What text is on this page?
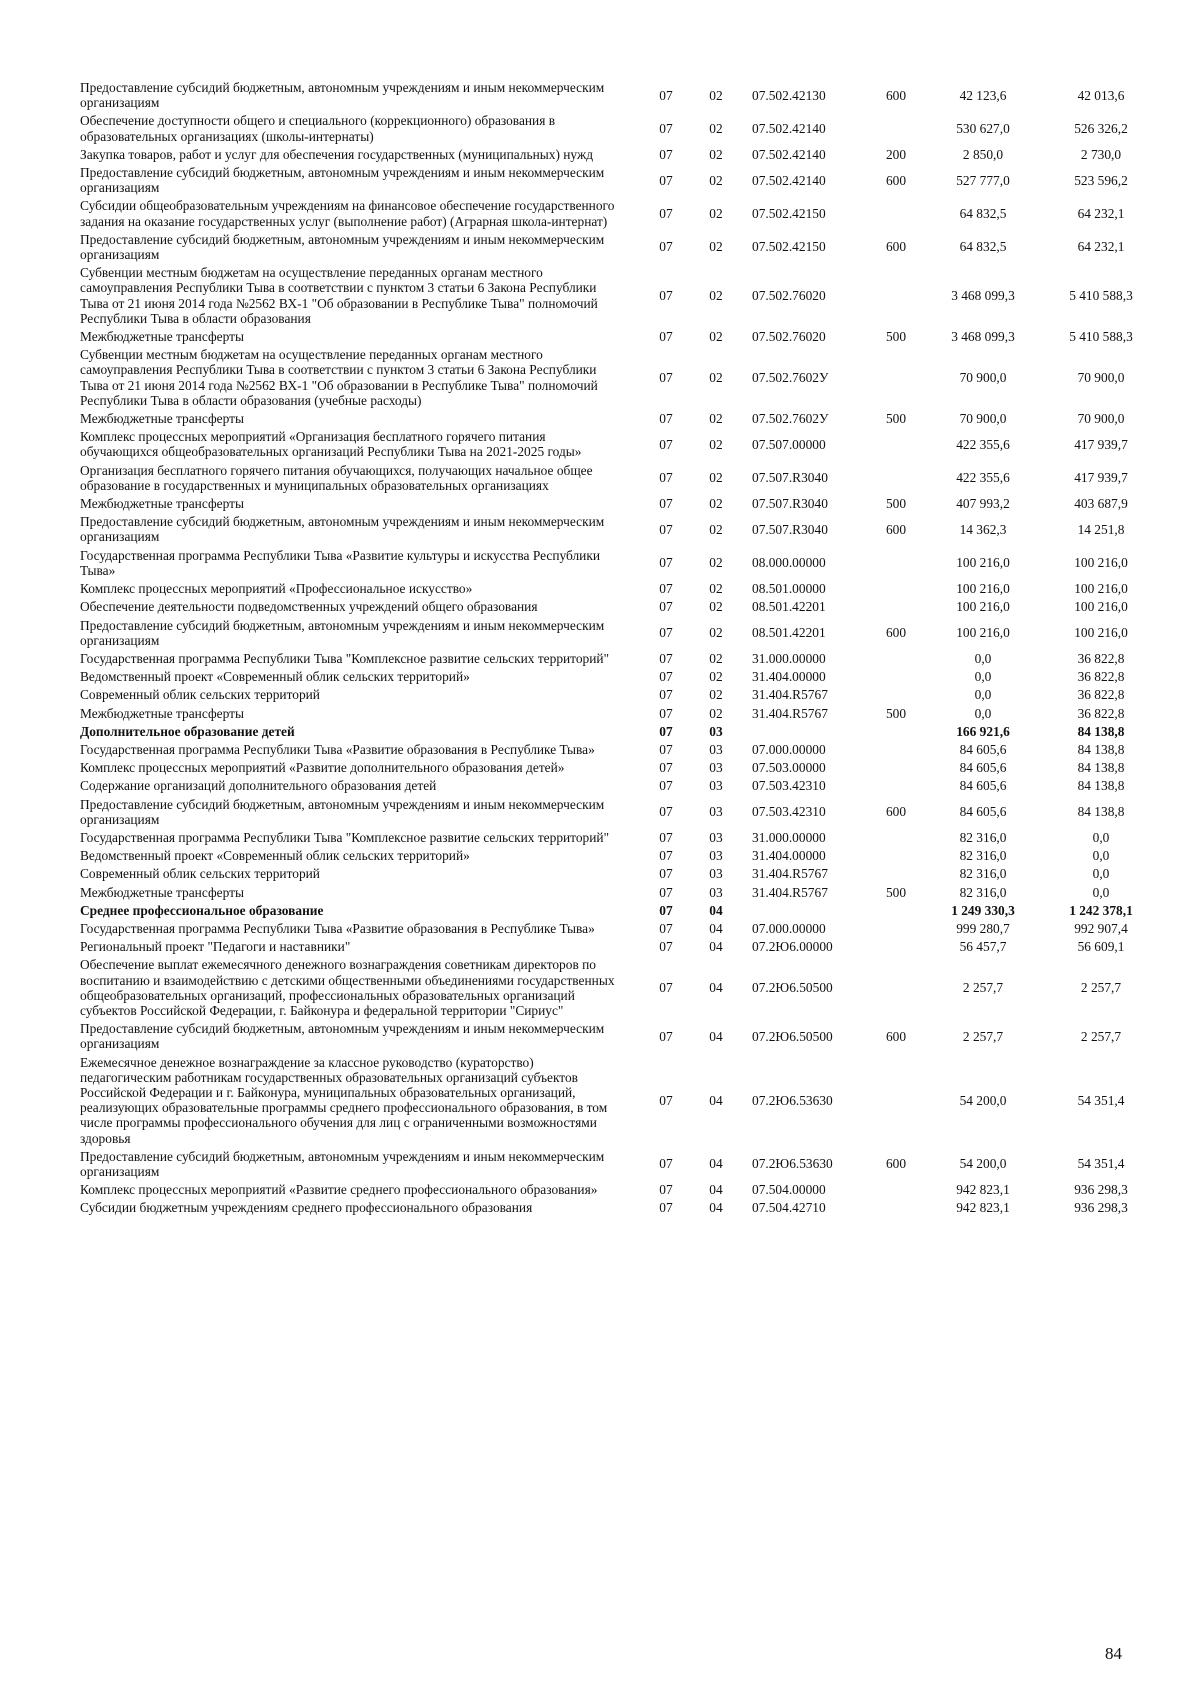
Предоставление субсидий бюджетным, автономным учреждениям и иным некоммерческим организациям	07	02	07.502.42130	600	42 123,6	42 013,6
Обеспечение доступности общего и специального (коррекционного) образования в образовательных организациях (школы-интернаты)	07	02	07.502.42140		530 627,0	526 326,2
Закупка товаров, работ и услуг для обеспечения государственных (муниципальных) нужд	07	02	07.502.42140	200	2 850,0	2 730,0
Предоставление субсидий бюджетным, автономным учреждениям и иным некоммерческим организациям	07	02	07.502.42140	600	527 777,0	523 596,2
Субсидии общеобразовательным учреждениям на финансовое обеспечение государственного задания на оказание государственных услуг (выполнение работ) (Аграрная школа-интернат)	07	02	07.502.42150		64 832,5	64 232,1
Предоставление субсидий бюджетным, автономным учреждениям и иным некоммерческим организациям	07	02	07.502.42150	600	64 832,5	64 232,1
Субвенции местным бюджетам на осуществление переданных органам местного самоуправления Республики Тыва в соответствии с пунктом 3 статьи 6 Закона Республики Тыва от 21 июня 2014 года №2562 ВХ-1 "Об образовании в Республике Тыва" полномочий Республики Тыва в области образования	07	02	07.502.76020		3 468 099,3	5 410 588,3
Межбюджетные трансферты	07	02	07.502.76020	500	3 468 099,3	5 410 588,3
Субвенции местным бюджетам на осуществление переданных органам местного самоуправления Республики Тыва в соответствии с пунктом 3 статьи 6 Закона Республики Тыва от 21 июня 2014 года №2562 ВХ-1 "Об образовании в Республике Тыва" полномочий Республики Тыва в области образования (учебные расходы)	07	02	07.502.7602У		70 900,0	70 900,0
Межбюджетные трансферты	07	02	07.502.7602У	500	70 900,0	70 900,0
Комплекс процессных мероприятий «Организация бесплатного горячего питания обучающихся общеобразовательных организаций Республики Тыва на 2021-2025 годы»	07	02	07.507.00000		422 355,6	417 939,7
Организация бесплатного горячего питания обучающихся, получающих начальное общее образование в государственных и муниципальных образовательных организациях	07	02	07.507.R3040		422 355,6	417 939,7
Межбюджетные трансферты	07	02	07.507.R3040	500	407 993,2	403 687,9
Предоставление субсидий бюджетным, автономным учреждениям и иным некоммерческим организациям	07	02	07.507.R3040	600	14 362,3	14 251,8
Государственная программа Республики Тыва «Развитие культуры и искусства Республики Тыва»	07	02	08.000.00000		100 216,0	100 216,0
Комплекс процессных мероприятий «Профессиональное искусство»	07	02	08.501.00000		100 216,0	100 216,0
Обеспечение деятельности подведомственных учреждений общего образования	07	02	08.501.42201		100 216,0	100 216,0
Предоставление субсидий бюджетным, автономным учреждениям и иным некоммерческим организациям	07	02	08.501.42201	600	100 216,0	100 216,0
Государственная программа Республики Тыва "Комплексное развитие сельских территорий"	07	02	31.000.00000		0,0	36 822,8
Ведомственный проект «Современный облик сельских территорий»	07	02	31.404.00000		0,0	36 822,8
Современный облик сельских территорий	07	02	31.404.R5767		0,0	36 822,8
Межбюджетные трансферты	07	02	31.404.R5767	500	0,0	36 822,8
Дополнительное образование детей	07	03			166 921,6	84 138,8
Государственная программа Республики Тыва «Развитие образования в Республике Тыва»	07	03	07.000.00000		84 605,6	84 138,8
Комплекс процессных мероприятий «Развитие дополнительного образования детей»	07	03	07.503.00000		84 605,6	84 138,8
Содержание организаций дополнительного образования детей	07	03	07.503.42310		84 605,6	84 138,8
Предоставление субсидий бюджетным, автономным учреждениям и иным некоммерческим организациям	07	03	07.503.42310	600	84 605,6	84 138,8
Государственная программа Республики Тыва "Комплексное развитие сельских территорий"	07	03	31.000.00000		82 316,0	0,0
Ведомственный проект «Современный облик сельских территорий»	07	03	31.404.00000		82 316,0	0,0
Современный облик сельских территорий	07	03	31.404.R5767		82 316,0	0,0
Межбюджетные трансферты	07	03	31.404.R5767	500	82 316,0	0,0
Среднее профессиональное образование	07	04			1 249 330,3	1 242 378,1
Государственная программа Республики Тыва «Развитие образования в Республике Тыва»	07	04	07.000.00000		999 280,7	992 907,4
Региональный проект "Педагоги и наставники"	07	04	07.2Ю6.00000		56 457,7	56 609,1
Обеспечение выплат ежемесячного денежного вознаграждения советникам директоров по воспитанию и взаимодействию с детскими общественными объединениями государственных общеобразовательных организаций, профессиональных образовательных организаций субъектов Российской Федерации, г. Байконура и федеральной территории "Сириус"	07	04	07.2Ю6.50500		2 257,7	2 257,7
Предоставление субсидий бюджетным, автономным учреждениям и иным некоммерческим организациям	07	04	07.2Ю6.50500	600	2 257,7	2 257,7
Ежемесячное денежное вознаграждение за классное руководство (кураторство) педагогическим работникам государственных образовательных организаций субъектов Российской Федерации и г. Байконура, муниципальных образовательных организаций, реализующих образовательные программы среднего профессионального образования, в том числе программы профессионального обучения для лиц с ограниченными возможностями здоровья	07	04	07.2Ю6.53630		54 200,0	54 351,4
Предоставление субсидий бюджетным, автономным учреждениям и иным некоммерческим организациям	07	04	07.2Ю6.53630	600	54 200,0	54 351,4
Комплекс процессных мероприятий «Развитие среднего профессионального образования»	07	04	07.504.00000		942 823,1	936 298,3
Субсидии бюджетным учреждениям среднего профессионального образования	07	04	07.504.42710		942 823,1	936 298,3
84
